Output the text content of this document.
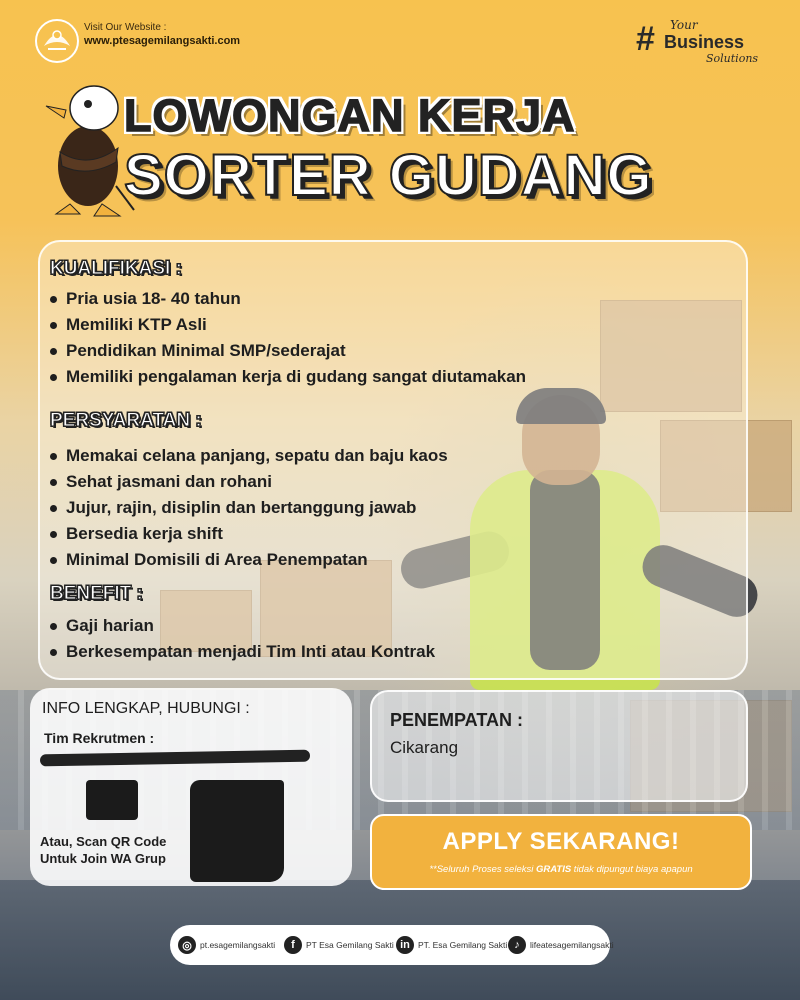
Visit Our Website :
www.ptesagemilangsakti.com	# Your
Business
Solutions
LOWONGAN KERJA
SORTER GUDANG
KUALIFIKASI :
Pria usia 18- 40 tahun
Memiliki KTP Asli
Pendidikan Minimal SMP/sederajat
Memiliki pengalaman kerja di gudang sangat diutamakan
PERSYARATAN :
Memakai celana panjang, sepatu dan baju kaos
Sehat jasmani dan rohani
Jujur, rajin, disiplin dan bertanggung jawab
Bersedia kerja shift
Minimal Domisili di Area Penempatan
BENEFIT :
Gaji harian
Berkesempatan menjadi Tim Inti atau Kontrak
INFO LENGKAP, HUBUNGI :
Tim Rekrutmen :
Atau, Scan QR Code
Untuk Join WA Grup
PENEMPATAN :
Cikarang
APPLY SEKARANG!
**Seluruh Proses seleksi GRATIS tidak dipungut biaya apapun
◎ pt.esagemilangsakti	f	PT Esa Gemilang Sakti in PT. Esa Gemilang Sakti ♪	lifeatesagemilangsakti
